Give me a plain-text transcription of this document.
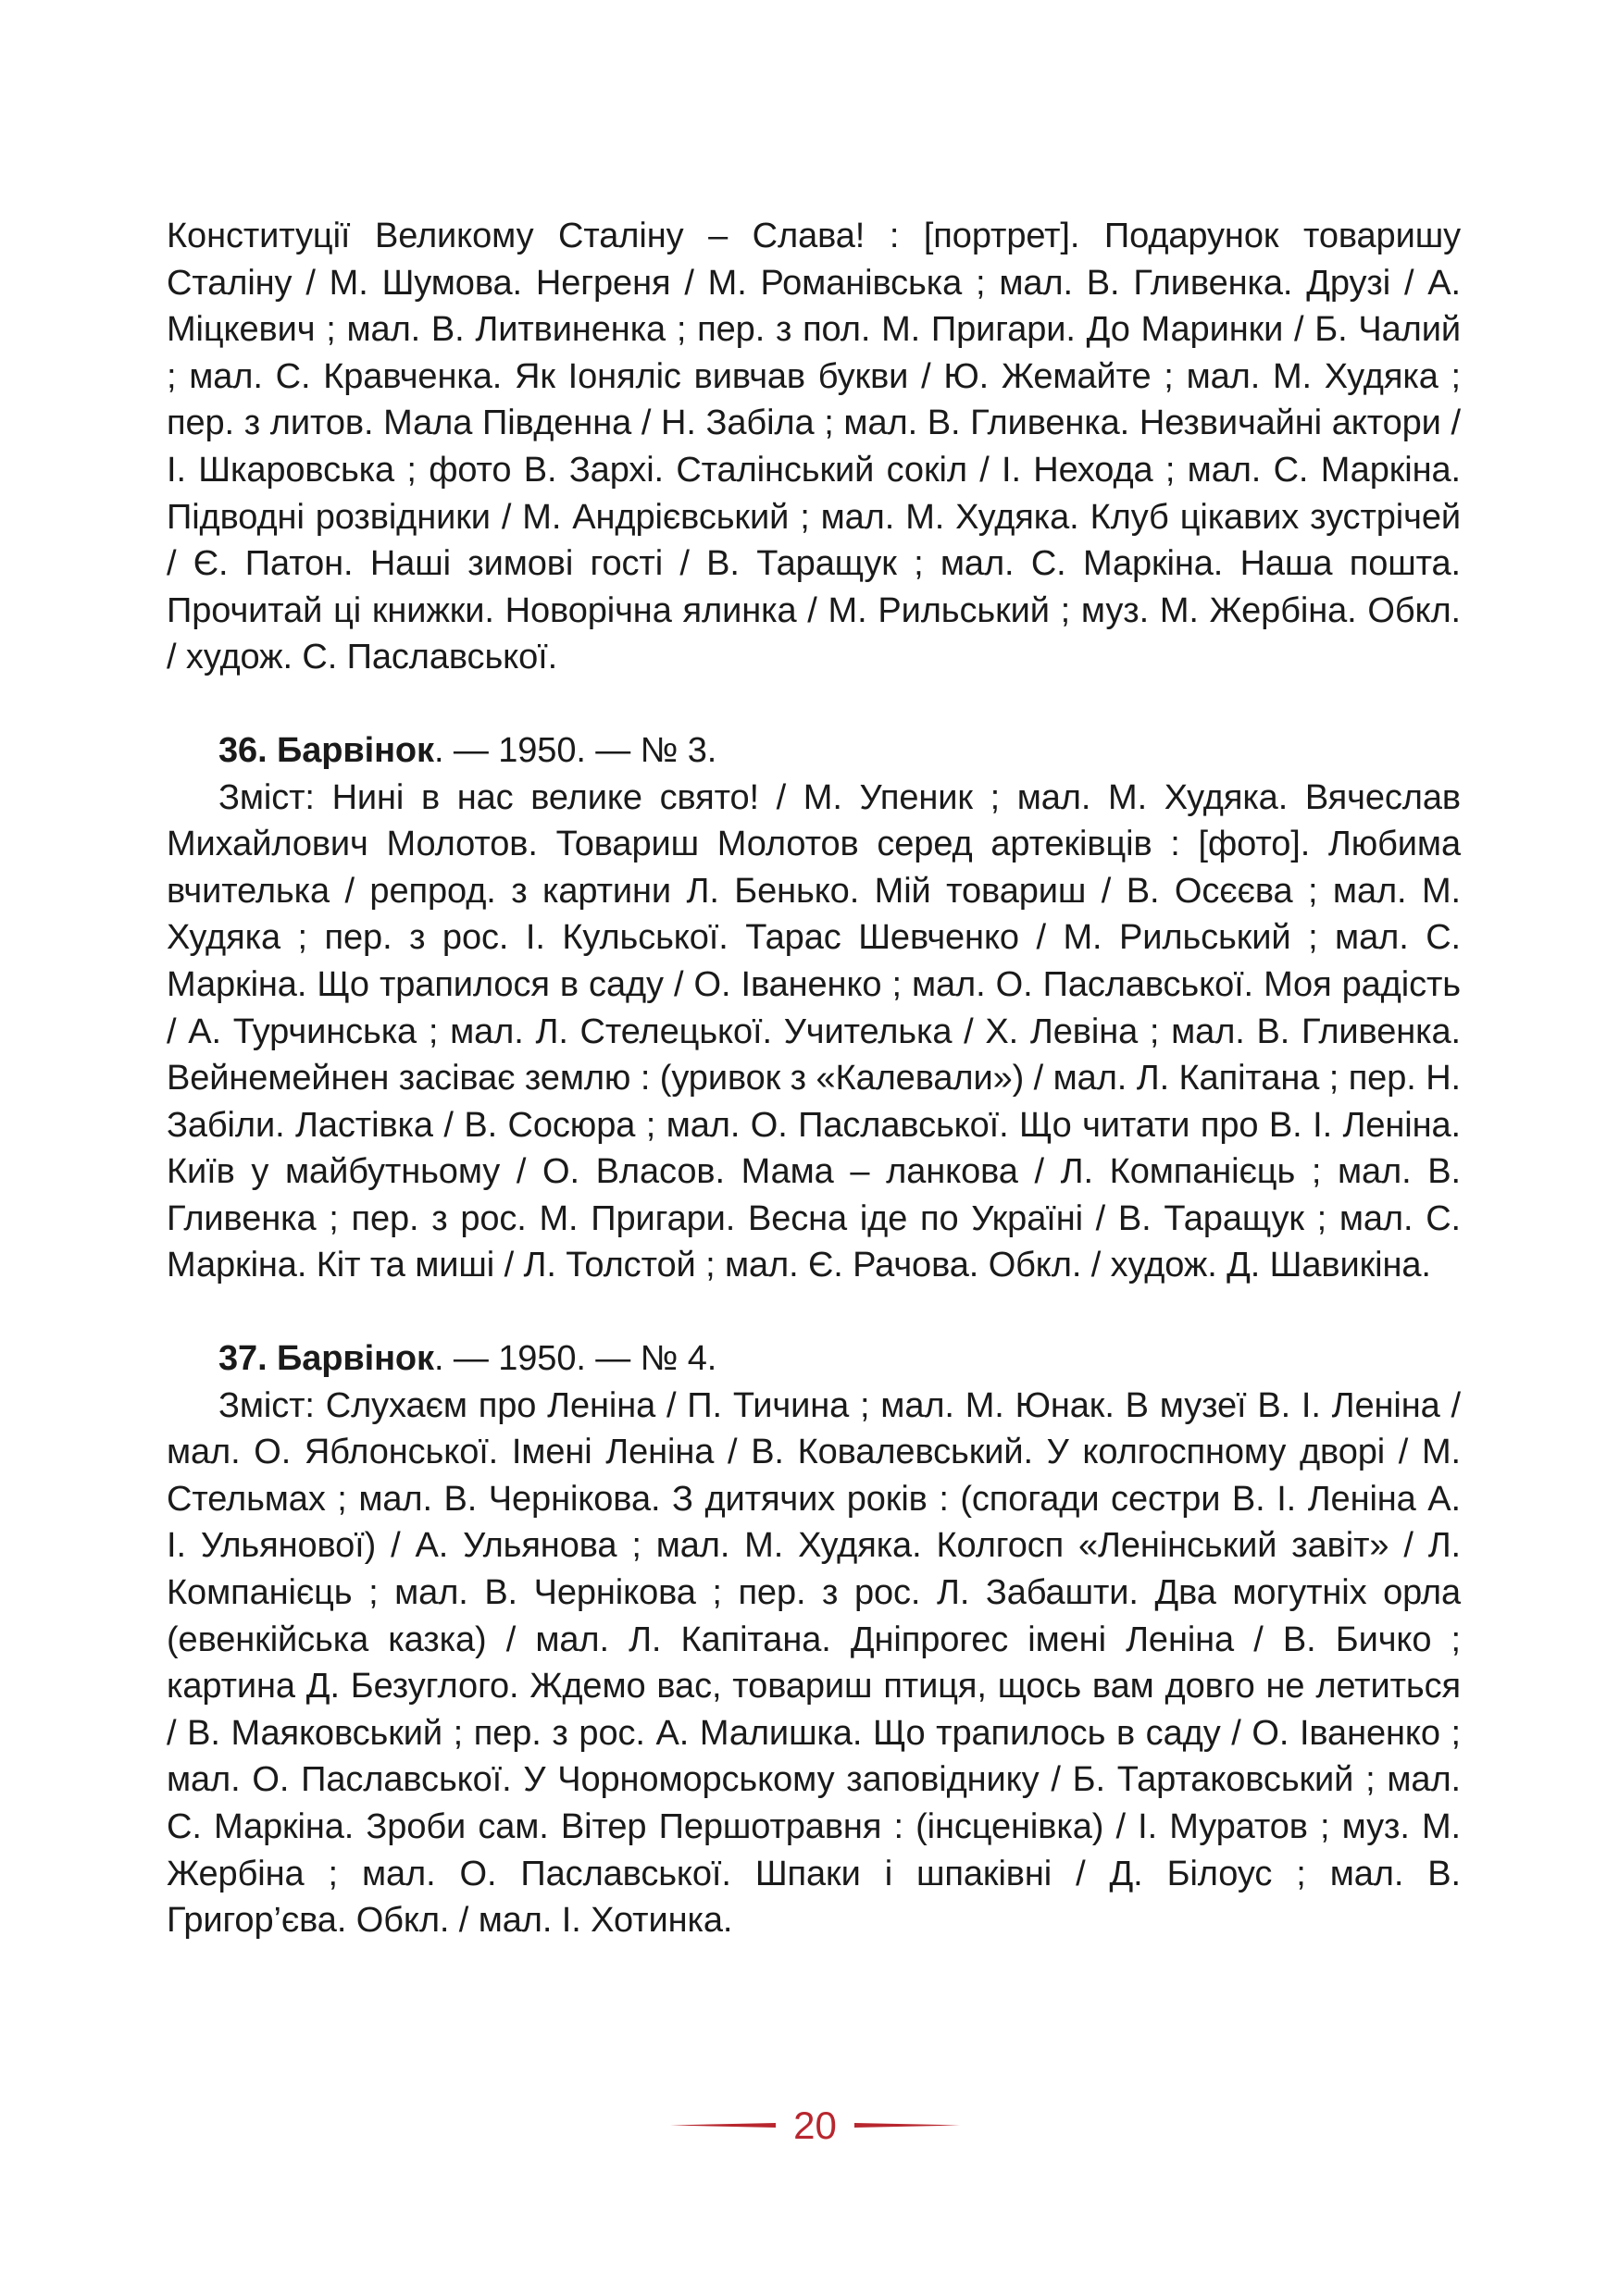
Конституції Великому Сталіну – Слава! : [портрет]. Подарунок товаришу Сталіну / М. Шумова. Негреня / М. Романівська ; мал. В. Гливенка. Друзі / А. Міцкевич ; мал. В. Литвиненка ; пер. з пол. М. Пригари. До Маринки / Б. Чалий ; мал. С. Кравченка. Як Іоняліс вивчав букви / Ю. Жемайте ; мал. М. Худяка ; пер. з литов. Мала Південна / Н. Забіла ; мал. В. Гливенка. Незвичайні актори / І. Шкаровська ; фото В. Зархі. Сталінський сокіл / І. Нехода ; мал. С. Маркіна. Підводні розвідники / М. Андрієвський ; мал. М. Худяка. Клуб цікавих зустрічей / Є. Патон. Наші зимові гості / В. Таращук ; мал. С. Маркіна. Наша пошта. Прочитай ці книжки. Новорічна ялинка / М. Рильський ; муз. М. Жербіна. Обкл. / худож. С. Паславської.

36. Барвінок. — 1950. — № 3.

Зміст: Нині в нас велике свято! / М. Упеник ; мал. М. Худяка. Вячеслав Михайлович Молотов. Товариш Молотов серед артеківців : [фото]. Любима вчителька / репрод. з картини Л. Бенько. Мій товариш / В. Осєєва ; мал. М. Худяка ; пер. з рос. І. Кульської. Тарас Шевченко / М. Рильський ; мал. С. Маркіна. Що трапилося в саду / О. Іваненко ; мал. О. Паславської. Моя радість / А. Турчинська ; мал. Л. Стелецької. Учителька / Х. Левіна ; мал. В. Гливенка. Вейнемейнен засіває землю : (уривок з «Калевали») / мал. Л. Капітана ; пер. Н. Забіли. Ластівка / В. Сосюра ; мал. О. Паславської. Що читати про В. І. Леніна. Київ у майбутньому / О. Власов. Мама – ланкова / Л. Компанієць ; мал. В. Гливенка ; пер. з рос. М. Пригари. Весна іде по Україні / В. Таращук ; мал. С. Маркіна. Кіт та миші / Л. Толстой ; мал. Є. Рачова. Обкл. / худож. Д. Шавикіна.

37. Барвінок. — 1950. — № 4.

Зміст: Слухаєм про Леніна / П. Тичина ; мал. М. Юнак. В музеї В. І. Леніна / мал. О. Яблонської. Імені Леніна / В. Ковалевський. У колгоспному дворі / М. Стельмах ; мал. В. Чернікова. З дитячих років : (спогади сестри В. І. Леніна А. І. Ульянової) / А. Ульянова ; мал. М. Худяка. Колгосп «Ленінський завіт» / Л. Компанієць ; мал. В. Чернікова ; пер. з рос. Л. Забашти. Два могутніх орла (евенкійська казка) / мал. Л. Капітана. Дніпрогес імені Леніна / В. Бичко ; картина Д. Безуглого. Ждемо вас, товариш птиця, щось вам довго не летиться / В. Маяковський ; пер. з рос. А. Малишка. Що трапилось в саду / О. Іваненко ; мал. О. Паславської. У Чорноморському заповіднику / Б. Тартаковський ; мал. С. Маркіна. Зроби сам. Вітер Першотравня : (інсценівка) / І. Муратов ; муз. М. Жербіна ; мал. О. Паславської. Шпаки і шпаківні / Д. Білоус ; мал. В. Григор’єва. Обкл. / мал. І. Хотинка.

20
